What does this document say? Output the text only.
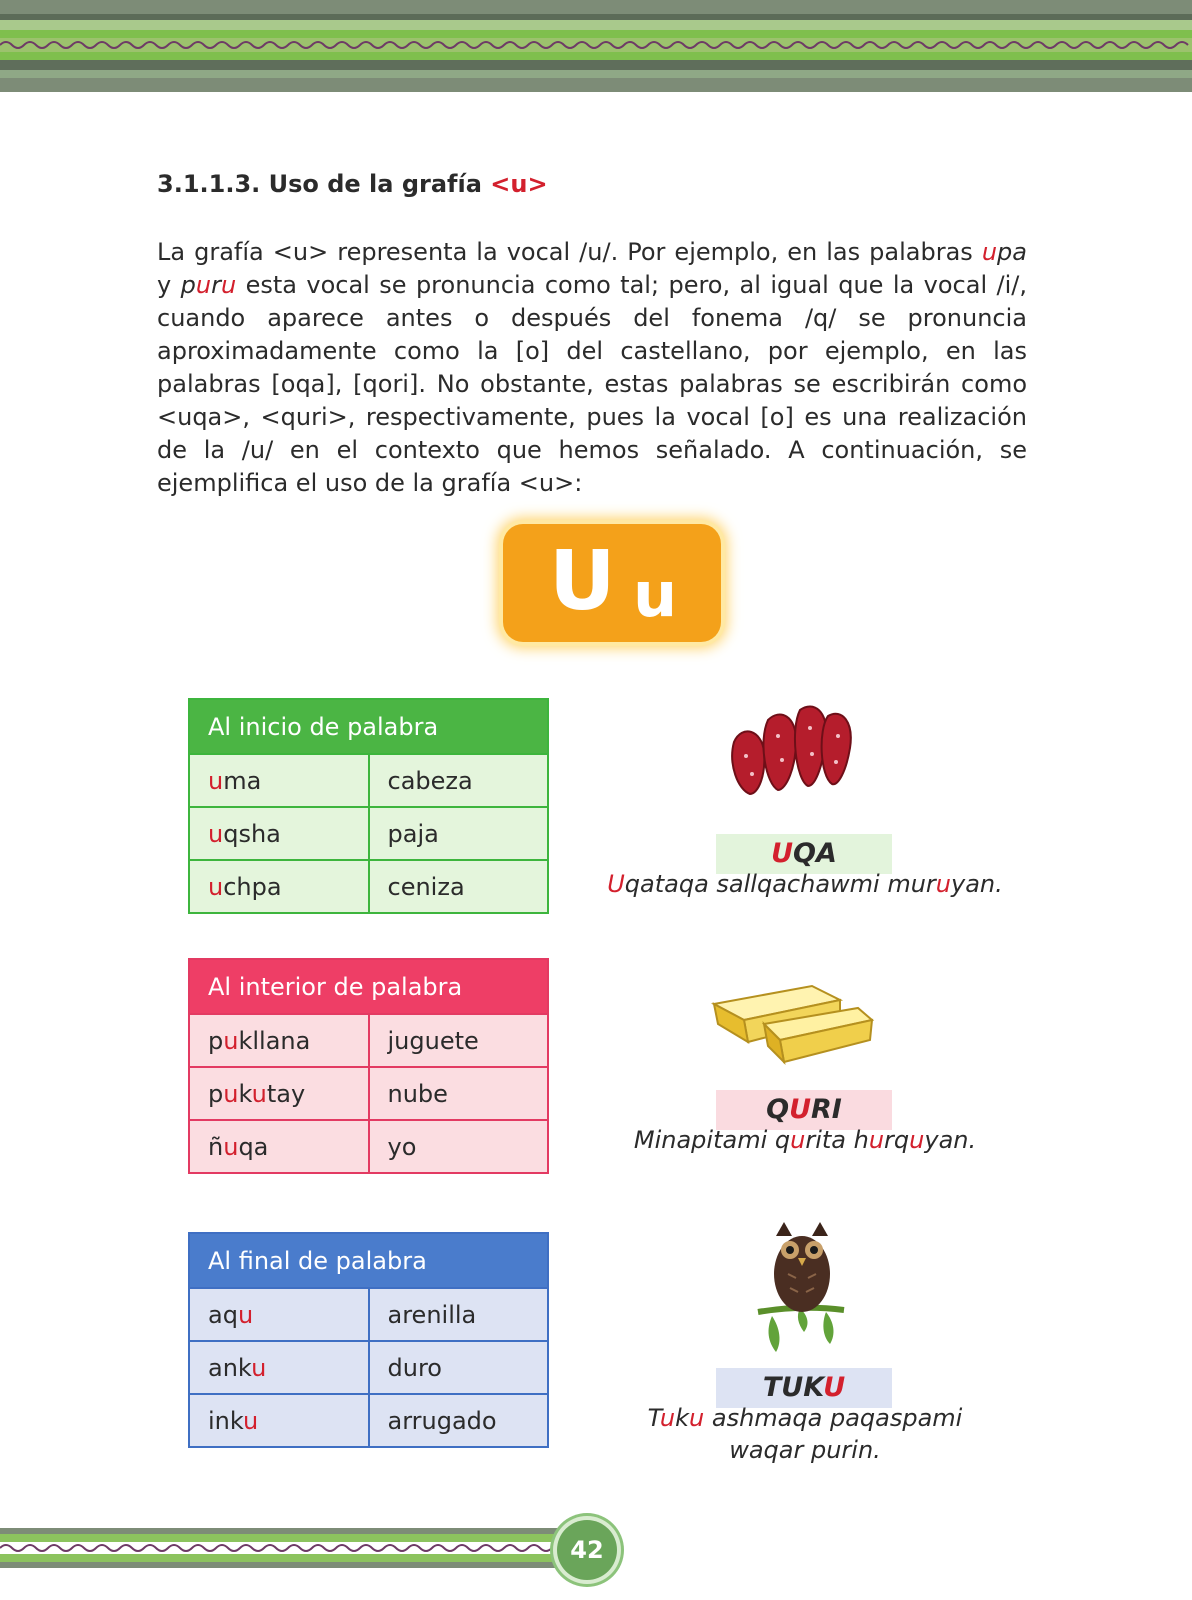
3.1.1.3. Uso de la grafía <u>

La grafía <u> representa la vocal /u/. Por ejemplo, en las palabras upa y puru esta vocal se pronuncia como tal; pero, al igual que la vocal /i/, cuando aparece antes o después del fonema /q/ se pronuncia aproximadamente como la [o] del castellano, por ejemplo, en las palabras [oqa], [qori]. No obstante, estas palabras se escribirán como <uqa>, <quri>, respectivamente, pues la vocal [o] es una realización de la /u/ en el contexto que hemos señalado. A continuación, se ejemplifica el uso de la grafía <u>:

U u
Al inicio de palabra	
uma	cabeza
uqsha	paja
uchpa	ceniza
Al interior de palabra	
pukllana	juguete
pukutay	nube
ñuqa	yo
Al final de palabra	
aqu	arenilla
anku	duro
inku	arrugado
UQA
Uqataqa sallqachawmi muruyan.
QURI
Minapitami qurita hurquyan.
TUKU
Tuku ashmaqa paqaspami
waqar purin.
42
